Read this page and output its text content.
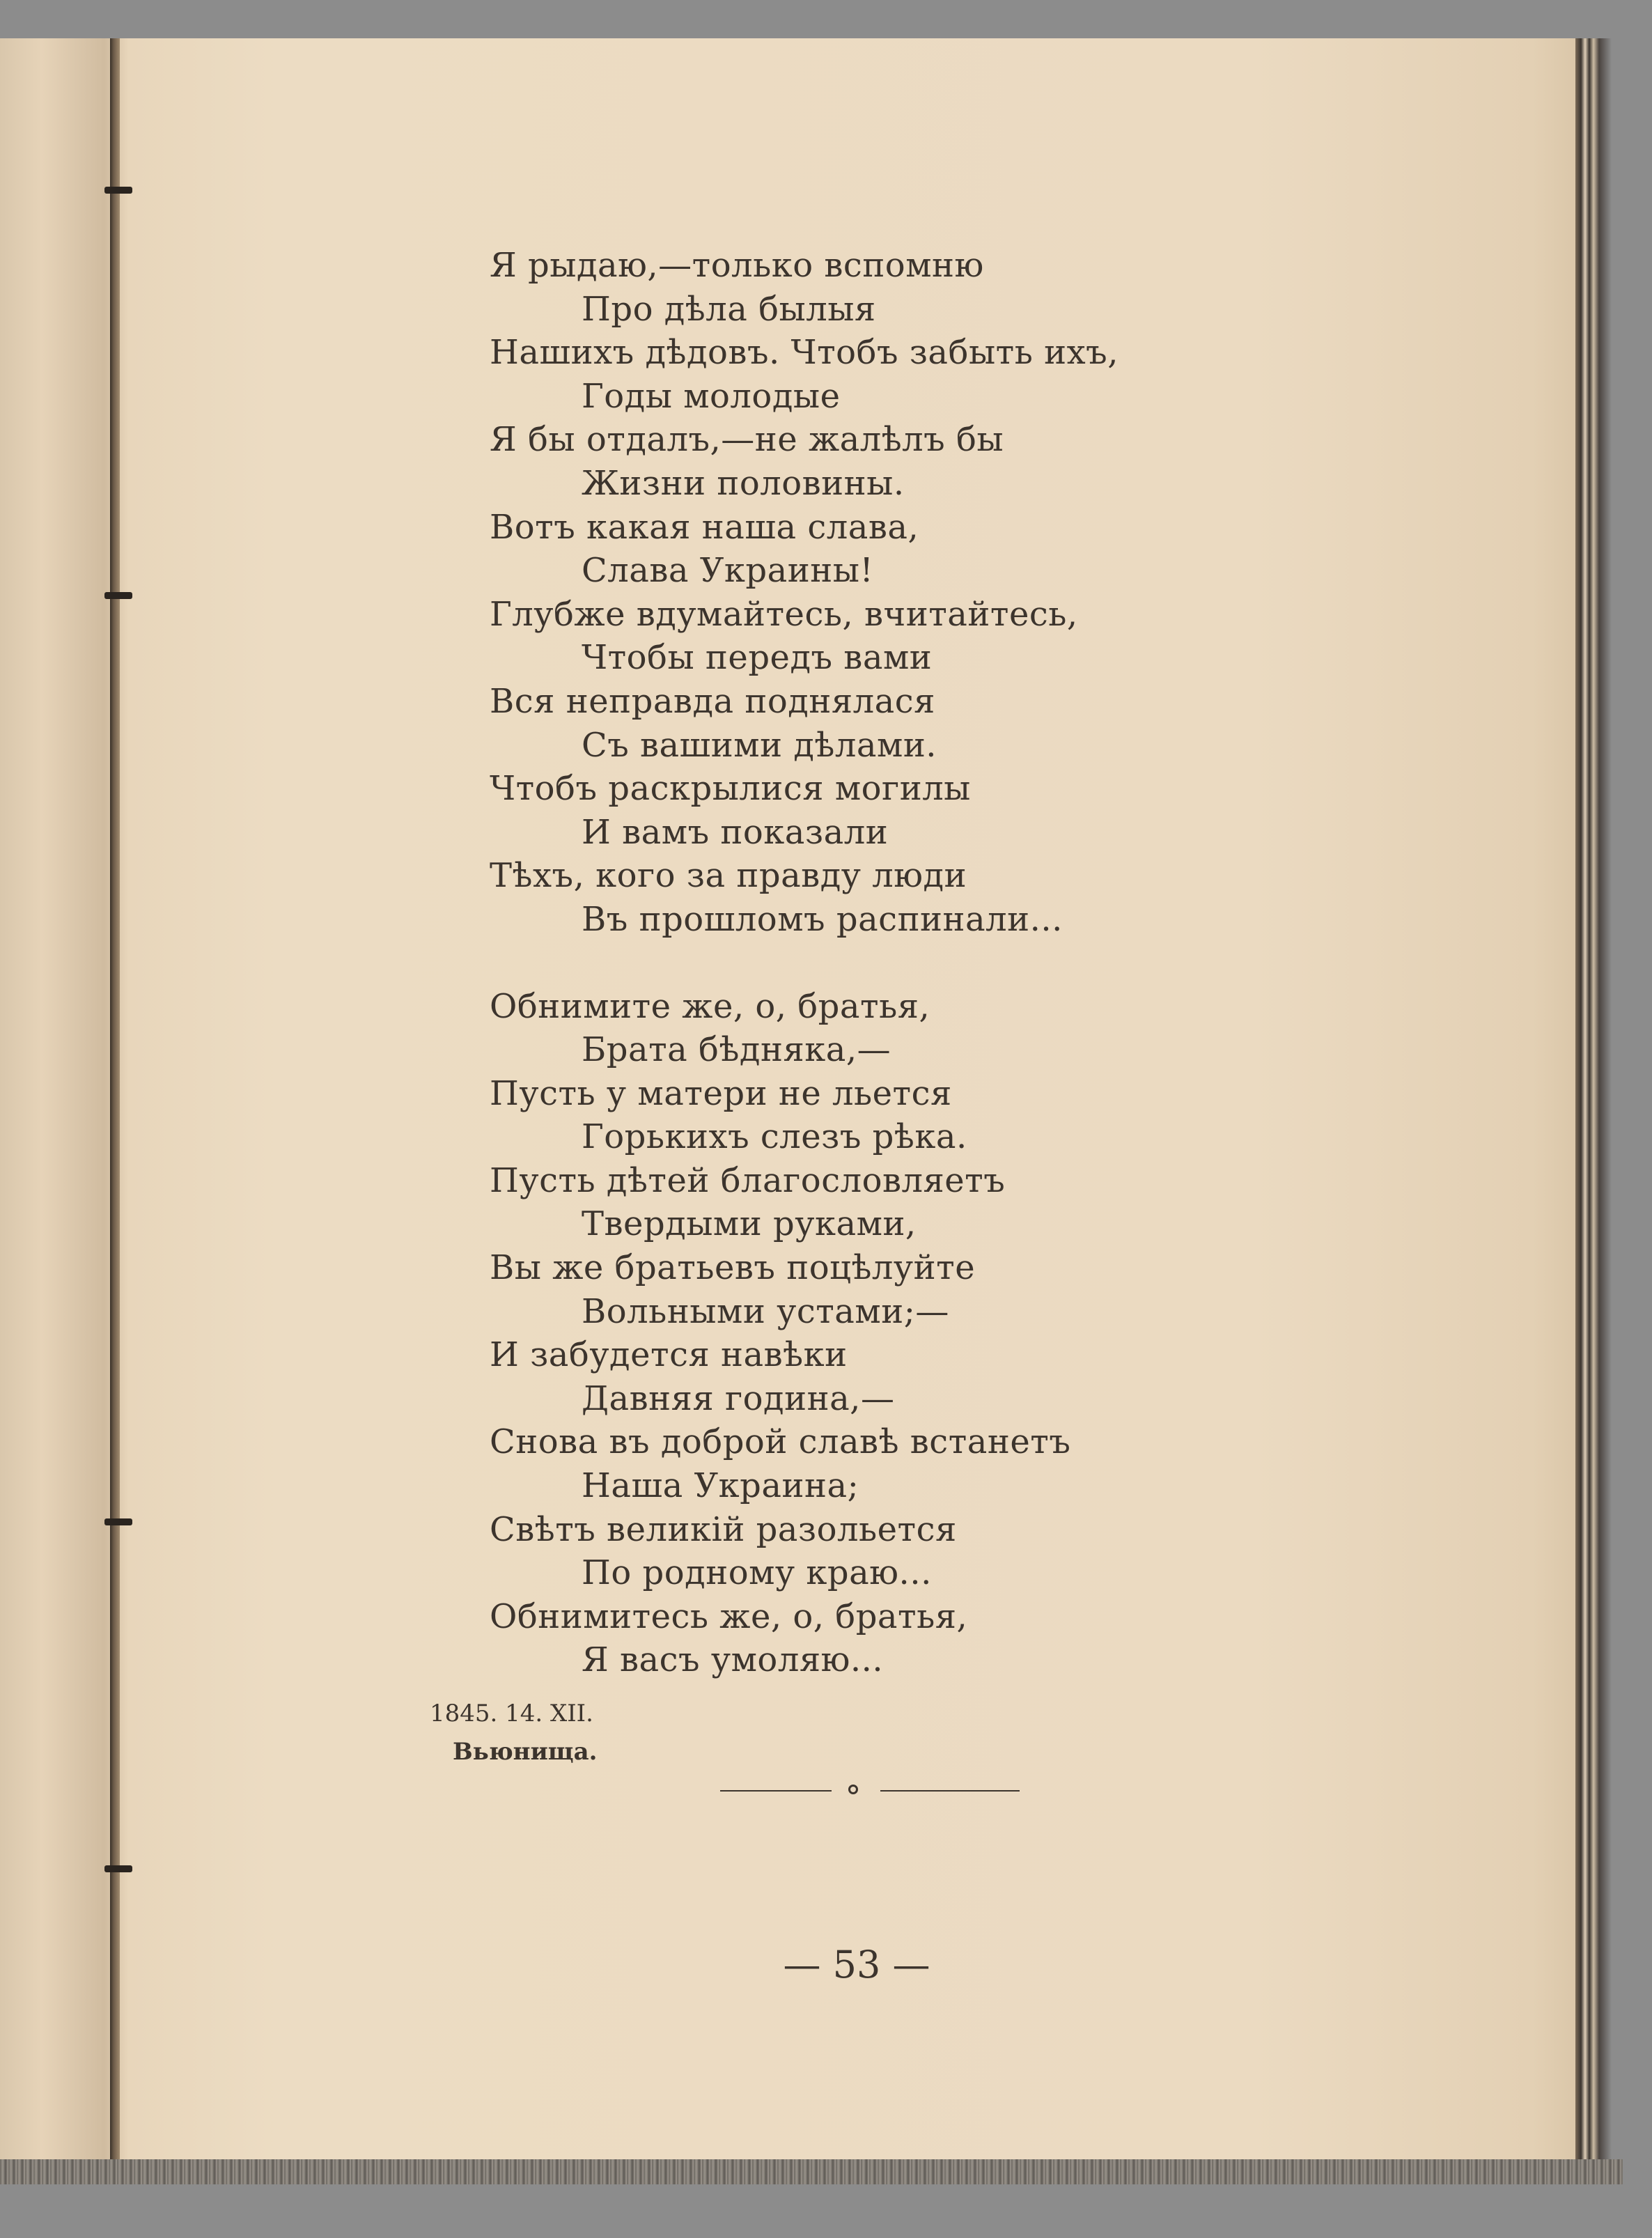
Я рыдаю,—только вспомню
Про дѣла былыя
Нашихъ дѣдовъ. Чтобъ забыть ихъ,
Годы молодые
Я бы отдалъ,—не жалѣлъ бы
Жизни половины.
Вотъ какая наша слава,
Слава Украины!
Глубже вдумайтесь, вчитайтесь,
Чтобы передъ вами
Вся неправда поднялася
Съ вашими дѣлами.
Чтобъ раскрылися могилы
И вамъ показали
Тѣхъ, кого за правду люди
Въ прошломъ распинали...
Обнимите же, о, братья,
Брата бѣдняка,—
Пусть у матери не льется
Горькихъ слезъ рѣка.
Пусть дѣтей благословляетъ
Твердыми руками,
Вы же братьевъ поцѣлуйте
Вольными устами;—
И забудется навѣки
Давняя година,—
Снова въ доброй славѣ встанетъ
Наша Украина;
Свѣтъ великій разольется
По родному краю...
Обнимитесь же, о, братья,
Я васъ умоляю...
1845. 14. XII.
Вьюнища.
— 53 —
